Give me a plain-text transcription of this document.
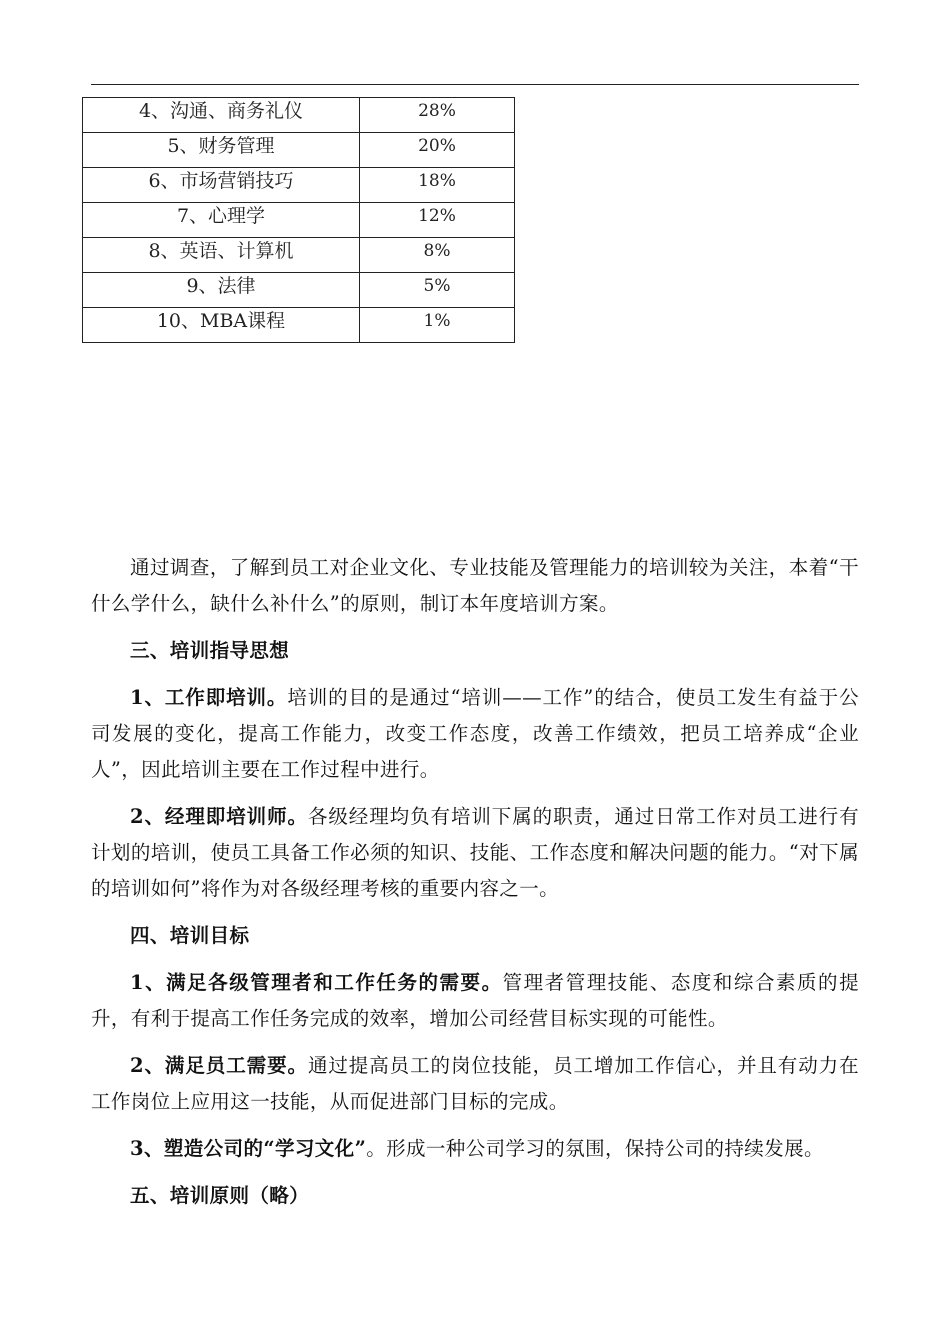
4、沟通、商务礼仪	28%
5、财务管理	20%
6、市场营销技巧	18%
7、心理学	12%
8、英语、计算机	8%
9、法律	5%
10、MBA课程	1%

通过调查，了解到员工对企业文化、专业技能及管理能力的培训较为关注，本着“干什么学什么，缺什么补什么”的原则，制订本年度培训方案。

三、培训指导思想

1、工作即培训。培训的目的是通过“培训——工作”的结合，使员工发生有益于公司发展的变化，提高工作能力，改变工作态度，改善工作绩效，把员工培养成“企业人”，因此培训主要在工作过程中进行。

2、经理即培训师。各级经理均负有培训下属的职责，通过日常工作对员工进行有计划的培训，使员工具备工作必须的知识、技能、工作态度和解决问题的能力。“对下属的培训如何”将作为对各级经理考核的重要内容之一。

四、培训目标

1、满足各级管理者和工作任务的需要。管理者管理技能、态度和综合素质的提升，有利于提高工作任务完成的效率，增加公司经营目标实现的可能性。

2、满足员工需要。通过提高员工的岗位技能，员工增加工作信心，并且有动力在工作岗位上应用这一技能，从而促进部门目标的完成。

3、塑造公司的“学习文化”。形成一种公司学习的氛围，保持公司的持续发展。

五、培训原则（略）
